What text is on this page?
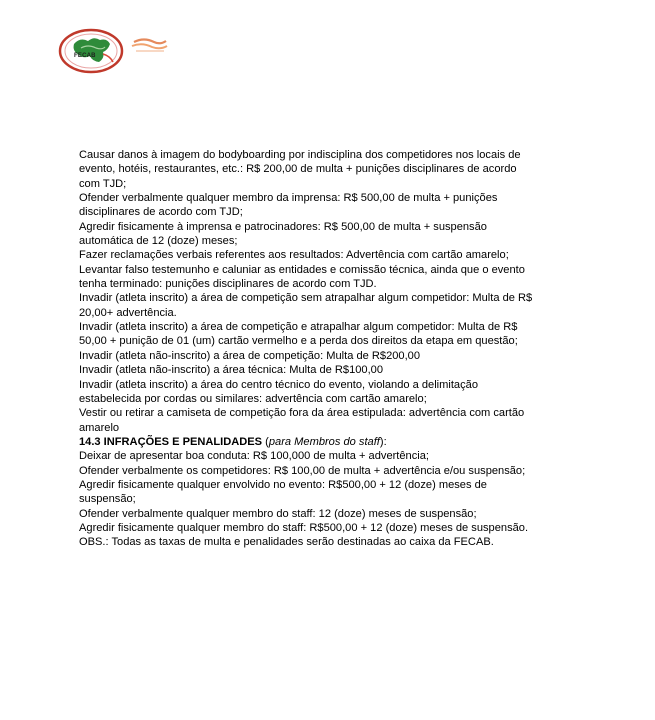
FECAB
Causar danos à imagem do bodyboarding por indisciplina dos competidores nos locais de
evento, hotéis, restaurantes, etc.: R$ 200,00 de multa + punições disciplinares de acordo
com TJD;
Ofender verbalmente qualquer membro da imprensa: R$ 500,00 de multa + punições
disciplinares de acordo com TJD;
Agredir fisicamente à imprensa e patrocinadores: R$ 500,00 de multa + suspensão
automática de 12 (doze) meses;
Fazer reclamações verbais referentes aos resultados: Advertência com cartão amarelo;
Levantar falso testemunho e caluniar as entidades e comissão técnica, ainda que o evento
tenha terminado: punições disciplinares de acordo com TJD.
Invadir (atleta inscrito) a área de competição sem atrapalhar algum competidor: Multa de R$
20,00+ advertência.
Invadir (atleta inscrito) a área de competição e atrapalhar algum competidor: Multa de R$
50,00 + punição de 01 (um) cartão vermelho e a perda dos direitos da etapa em questão;
Invadir (atleta não-inscrito) a área de competição: Multa de R$200,00
Invadir (atleta não-inscrito) a área técnica: Multa de R$100,00
Invadir (atleta inscrito) a área do centro técnico do evento, violando a delimitação
estabelecida por cordas ou similares: advertência com cartão amarelo;
Vestir ou retirar a camiseta de competição fora da área estipulada: advertência com cartão
amarelo
14.3 INFRAÇÕES E PENALIDADES (para Membros do staff):
Deixar de apresentar boa conduta: R$ 100,000 de multa + advertência;
Ofender verbalmente os competidores: R$ 100,00 de multa + advertência e/ou suspensão;
Agredir fisicamente qualquer envolvido no evento: R$500,00 + 12 (doze) meses de
suspensão;
Ofender verbalmente qualquer membro do staff: 12 (doze) meses de suspensão;
Agredir fisicamente qualquer membro do staff: R$500,00 + 12 (doze) meses de suspensão.
OBS.: Todas as taxas de multa e penalidades serão destinadas ao caixa da FECAB.
